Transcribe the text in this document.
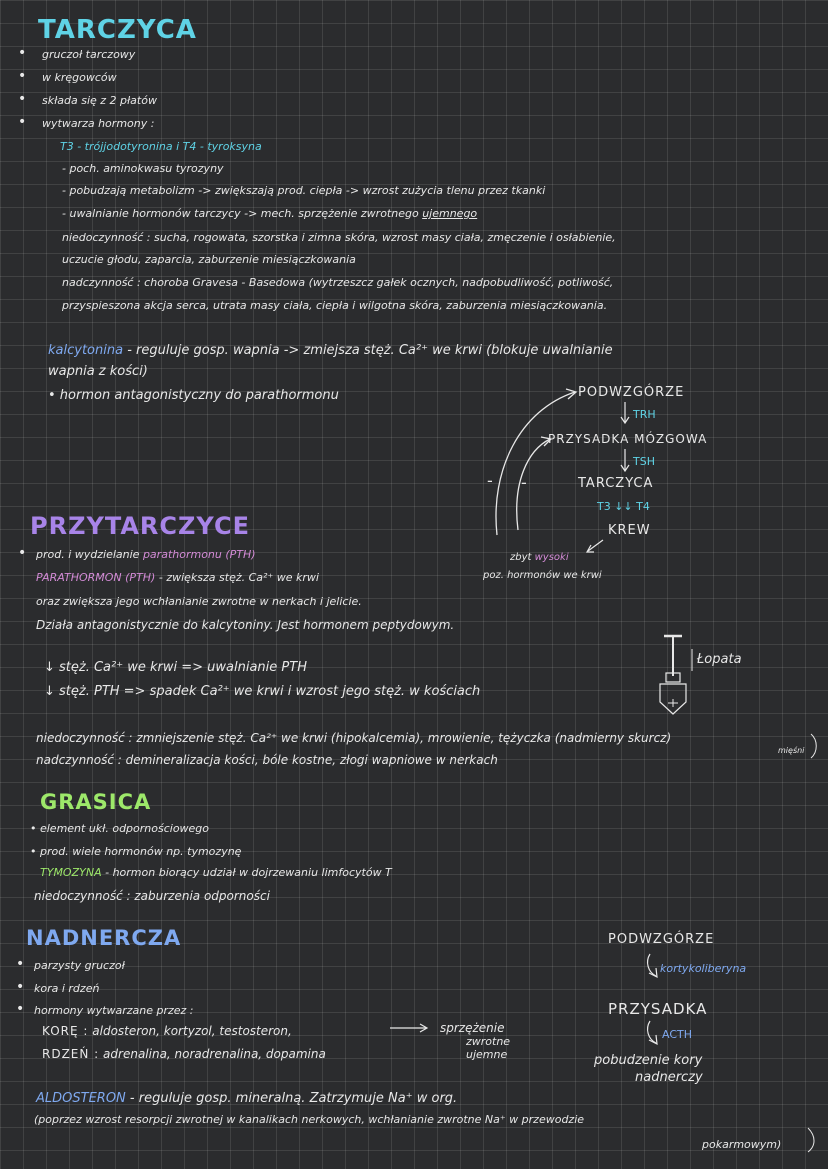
TARCZYCA
• gruczoł tarczowy
• w kręgowców
• składa się z 2 płatów
• wytwarza hormony :
T3 - trójjodotyronina i T4 - tyroksyna
- poch. aminokwasu tyrozyny
- pobudzają metabolizm -> zwiększają prod. ciepła -> wzrost zużycia tlenu przez tkanki
- uwalnianie hormonów tarczycy -> mech. sprzężenie zwrotnego ujemnego
niedoczynność : sucha, rogowata, szorstka i zimna skóra, wzrost masy ciała, zmęczenie i osłabienie,
uczucie głodu, zaparcia, zaburzenie miesiączkowania
nadczynność : choroba Gravesa - Basedowa (wytrzeszcz gałek ocznych, nadpobudliwość, potliwość,
przyspieszona akcja serca, utrata masy ciała, ciepła i wilgotna skóra, zaburzenia miesiączkowania.
kalcytonina - reguluje gosp. wapnia -> zmiejsza stęż. Ca²⁺ we krwi (blokuje uwalnianie
wapnia z kości)
• hormon antagonistyczny do parathormonu	PODWZGÓRZE
TRH
PRZYSADKA MÓZGOWA
TSH
TARCZYCA
T3 ↓↓ T4
KREW
- -
zbyt wysoki
poz. hormonów we krwi
PRZYTARCZYCE
• prod. i wydzielanie parathormonu (PTH)
PARATHORMON (PTH) - zwiększa stęż. Ca²⁺ we krwi
oraz zwiększa jego wchłanianie zwrotne w nerkach i jelicie.
Działa antagonistycznie do kalcytoniny. Jest hormonem peptydowym.
↓ stęż. Ca²⁺ we krwi => uwalnianie PTH
↓ stęż. PTH => spadek Ca²⁺ we krwi i wzrost jego stęż. w kościach
Łopata
niedoczynność : zmniejszenie stęż. Ca²⁺ we krwi (hipokalcemia), mrowienie, tężyczka (nadmierny skurcz)
mięśni
nadczynność : demineralizacja kości, bóle kostne, złogi wapniowe w nerkach
GRASICA
• element ukł. odpornościowego
• prod. wiele hormonów np. tymozynę
TYMOZYNA - hormon biorący udział w dojrzewaniu limfocytów T
niedoczynność : zaburzenia odporności
NADNERCZA
• parzysty gruczoł
• kora i rdzeń
• hormony wytwarzane przez :
KORĘ : aldosteron, kortyzol, testosteron,
RDZEŃ : adrenalina, noradrenalina, dopamina
sprzężenie
zwrotne
ujemne
ALDOSTERON - reguluje gosp. mineralną. Zatrzymuje Na⁺ w org.
(poprzez wzrost resorpcji zwrotnej w kanalikach nerkowych, wchłanianie zwrotne Na⁺ w przewodzie
pokarmowym)
PODWZGÓRZE
kortykoliberyna
PRZYSADKA
ACTH
pobudzenie kory
nadnerczy
